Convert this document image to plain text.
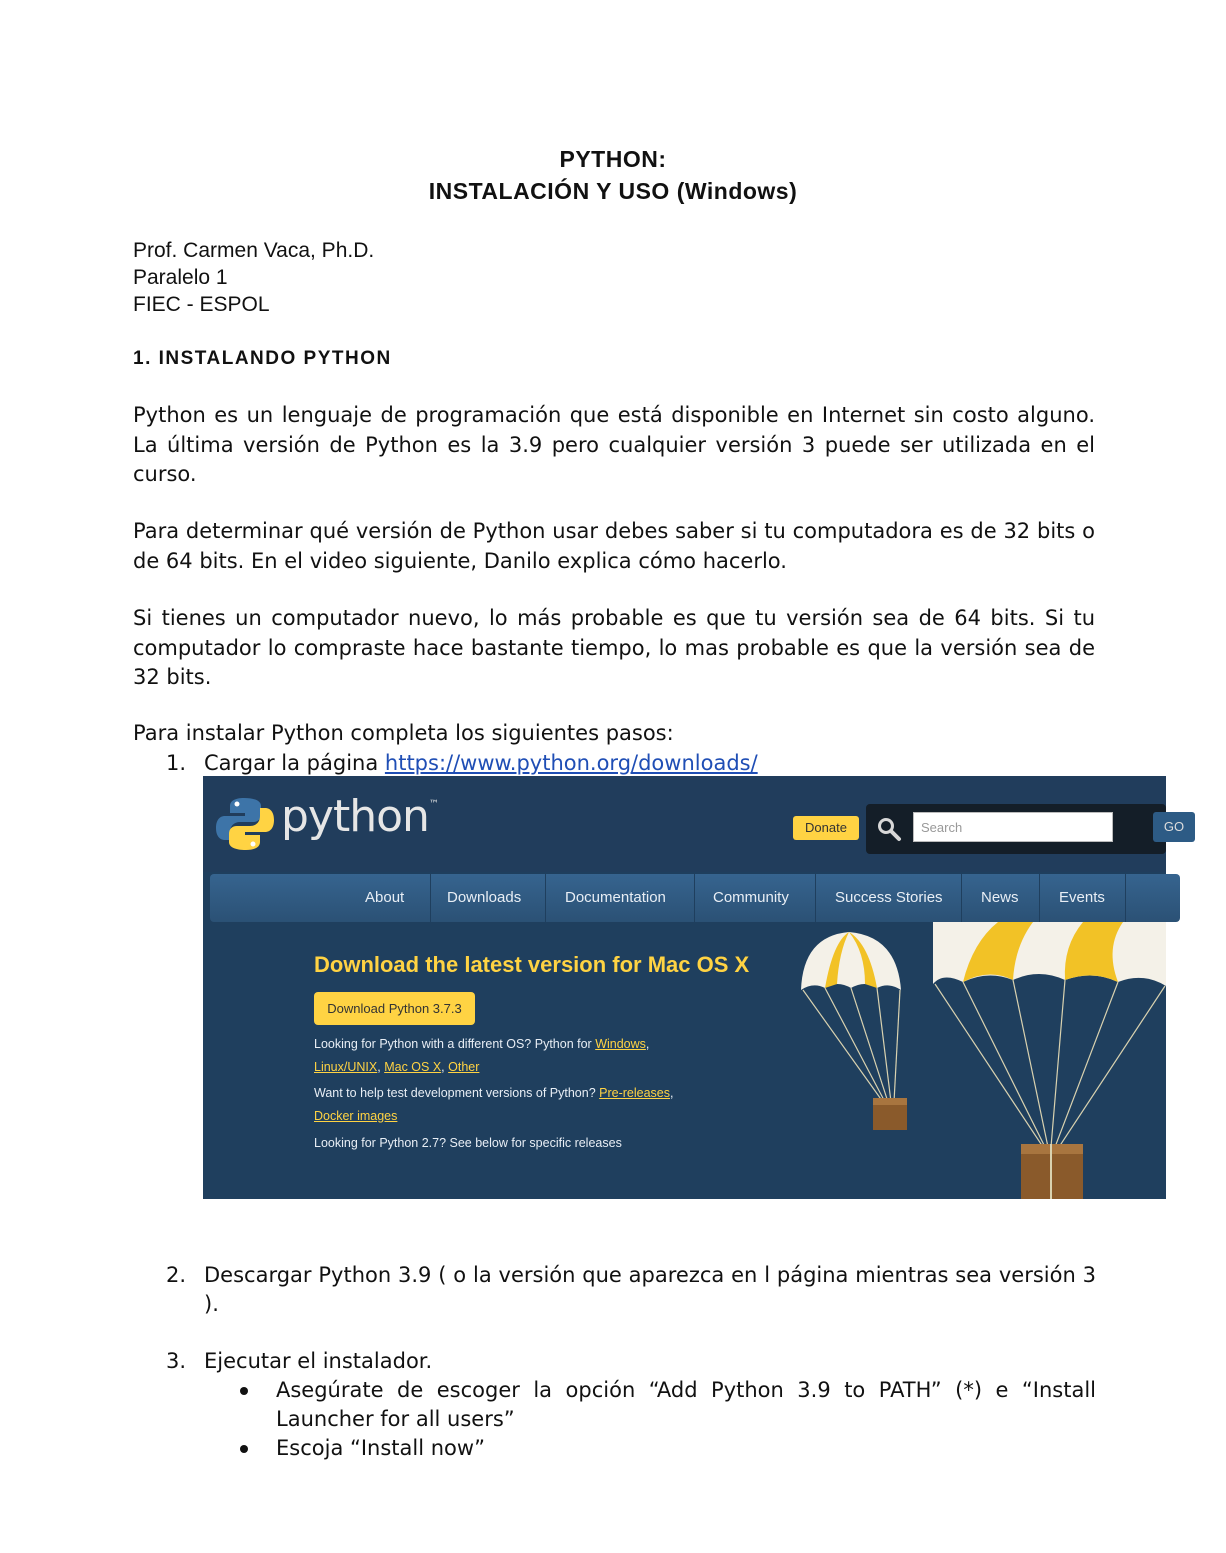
PYTHON:
INSTALACIÓN Y USO (Windows)
Prof. Carmen Vaca, Ph.D.
Paralelo 1
FIEC - ESPOL
1. INSTALANDO PYTHON
Python es un lenguaje de programación que está disponible en Internet sin costo alguno. La última versión de Python es la 3.9 pero cualquier versión 3 puede ser utilizada en el curso.
Para determinar qué versión de Python usar debes saber si tu computadora es de 32 bits o de 64 bits. En el video siguiente, Danilo explica cómo hacerlo.
Si tienes un computador nuevo, lo más probable es que tu versión sea de 64 bits. Si tu computador lo compraste hace bastante tiempo, lo mas probable es que la versión sea de 32 bits.
Para instalar Python completa los siguientes pasos:
1. Cargar la página https://www.python.org/downloads/
python™
Donate	Search	GO
About	Downloads	Documentation	Community	Success Stories	News	Events
Download the latest version for Mac OS X
Download Python 3.7.3
Looking for Python with a different OS? Python for Windows,
Linux/UNIX, Mac OS X, Other
Want to help test development versions of Python? Pre-releases,
Docker images
Looking for Python 2.7? See below for specific releases
2. Descargar Python 3.9 ( o la versión que aparezca en l página mientras sea versión 3 ).
3. Ejecutar el instalador.
Asegúrate de escoger la opción “Add Python 3.9 to PATH” (*) e “Install Launcher for all users”
Escoja “Install now”
